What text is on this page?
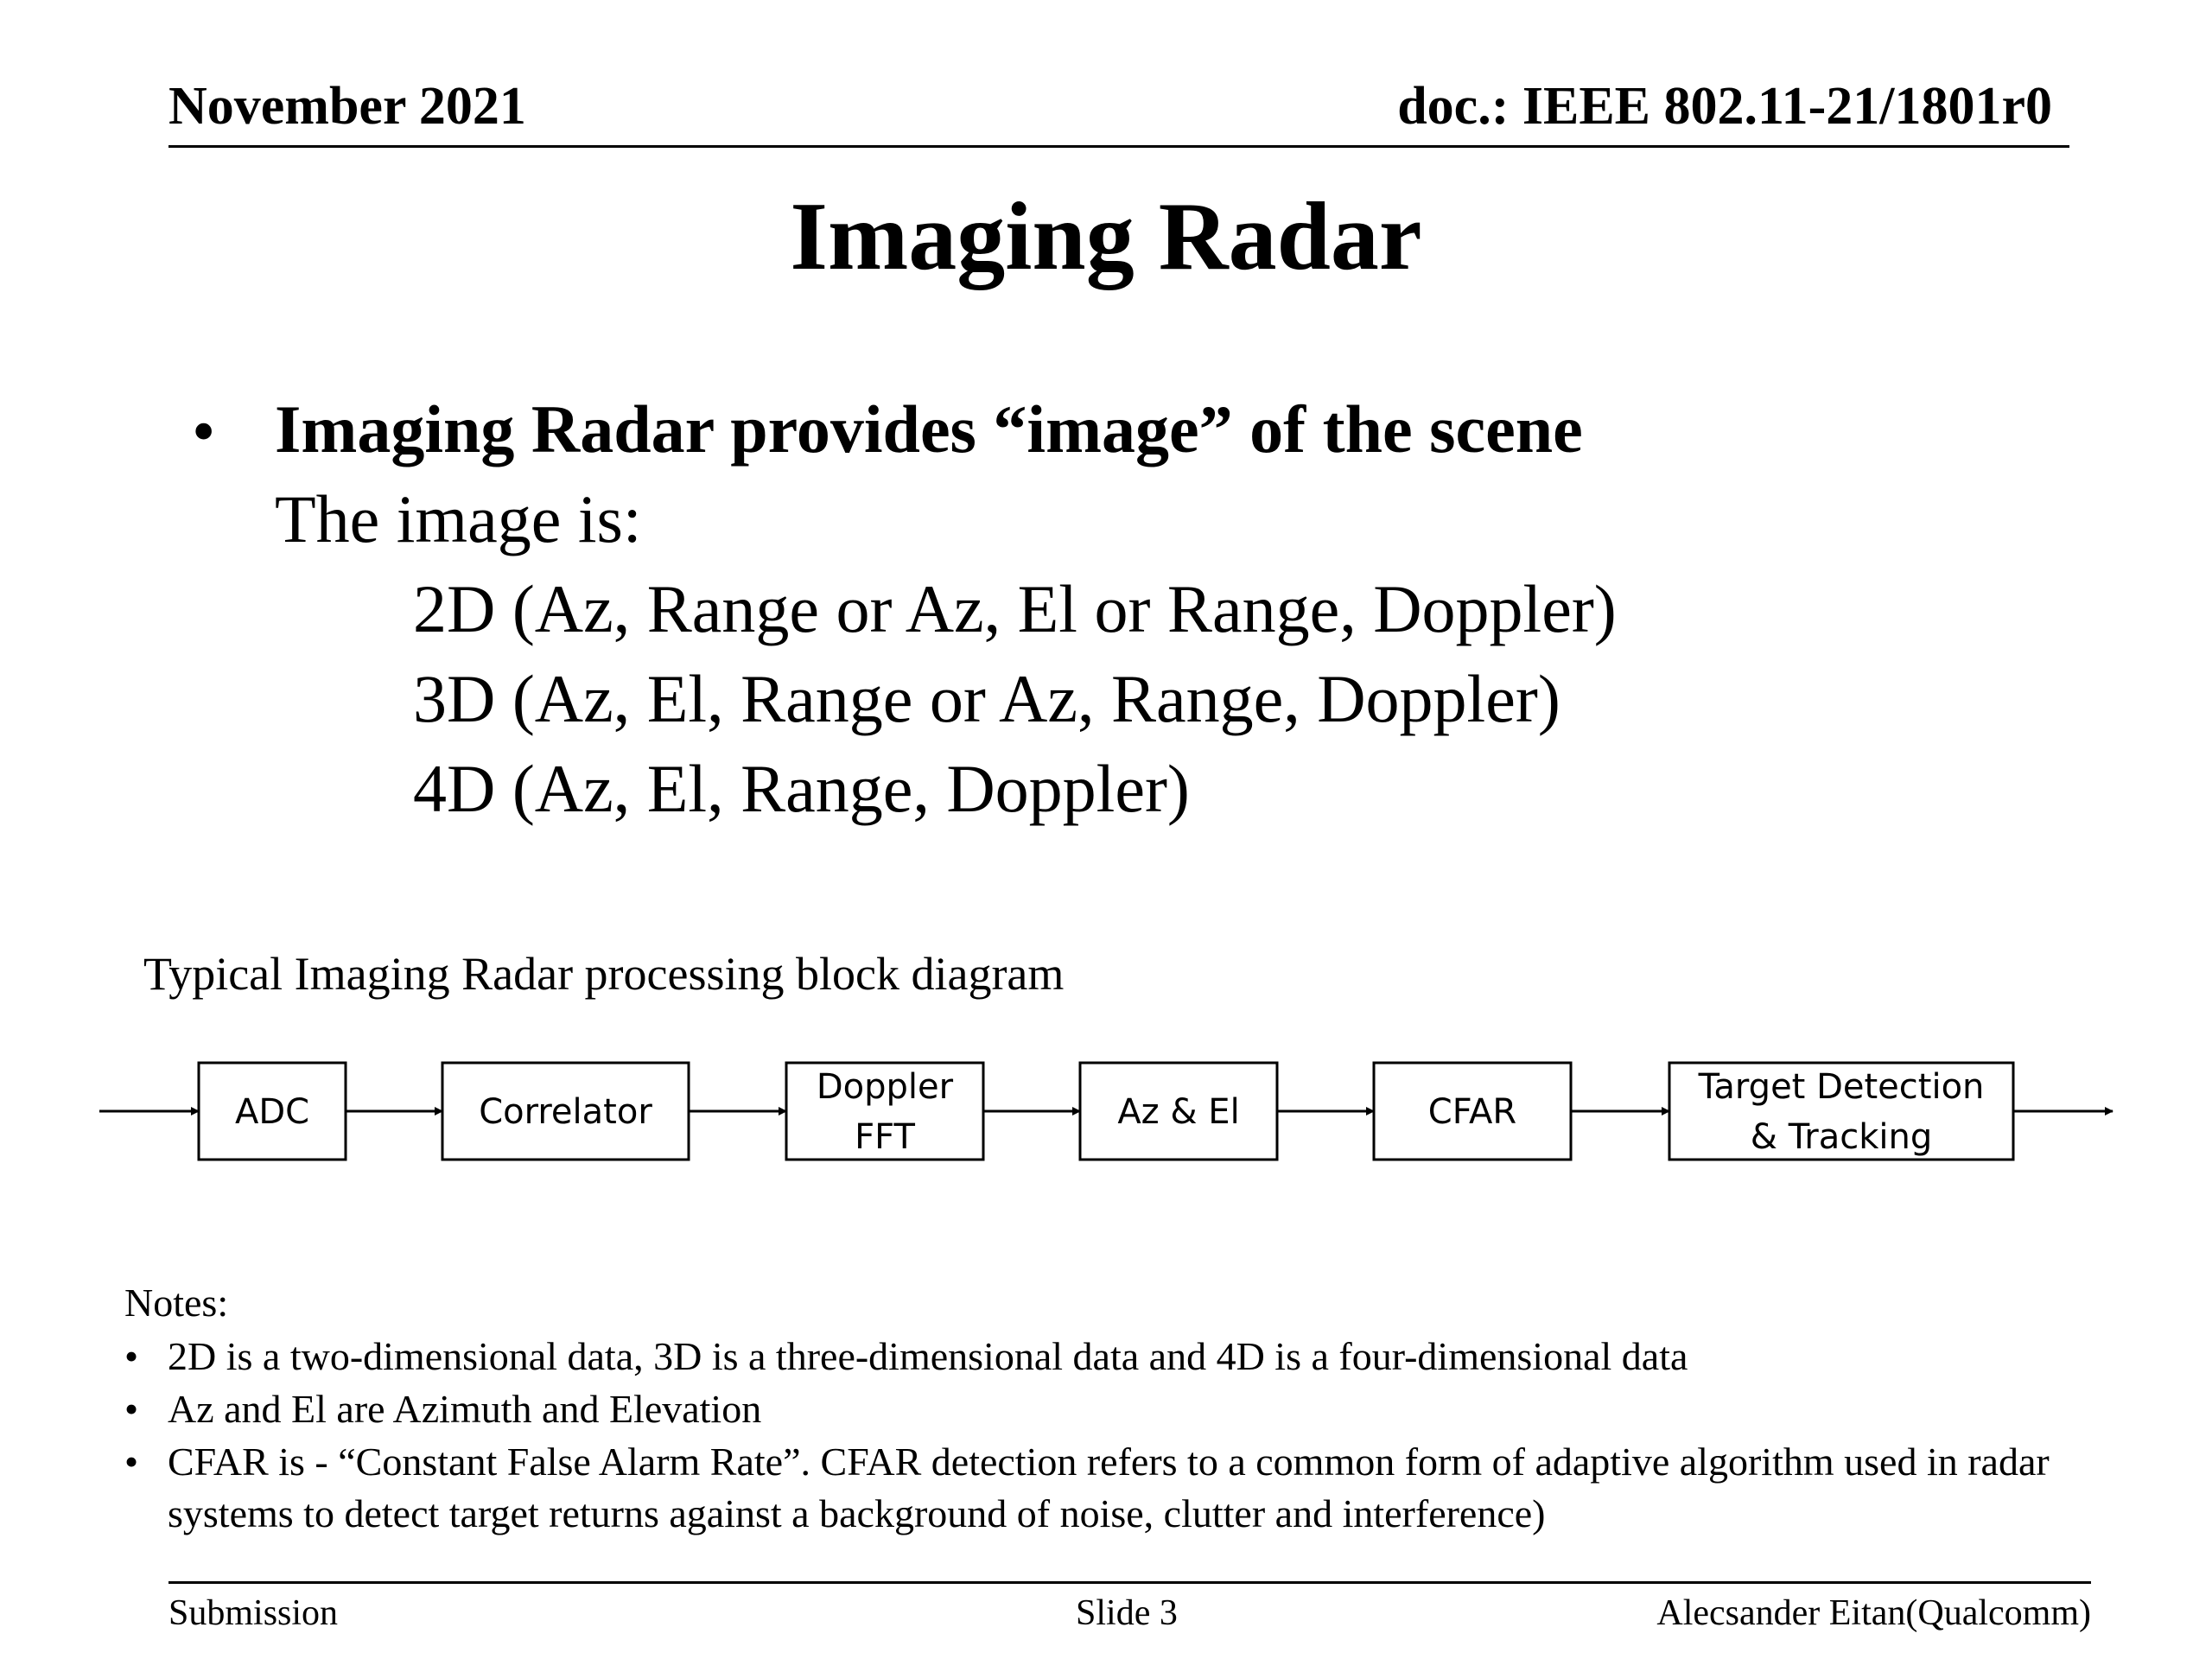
November 2021	doc.: IEEE 802.11-21/1801r0
Imaging Radar
• Imaging Radar provides “image” of the scene
The image is:
2D (Az, Range or Az, El or Range, Doppler)
3D (Az, El, Range or Az, Range, Doppler)
4D (Az, El, Range, Doppler)
Typical Imaging Radar processing block diagram
ADC	Correlator
Doppler FFT
Az & El	CFAR
Target Detection & Tracking
Notes:
• 2D is a two-dimensional data, 3D is a three-dimensional data and 4D is a four-dimensional data
• Az and El are Azimuth and Elevation
• CFAR is - “Constant False Alarm Rate”. CFAR detection refers to a common form of adaptive algorithm used in radar systems to detect target returns against a background of noise, clutter and interference)
Submission	Slide 3	Alecsander Eitan(Qualcomm)
